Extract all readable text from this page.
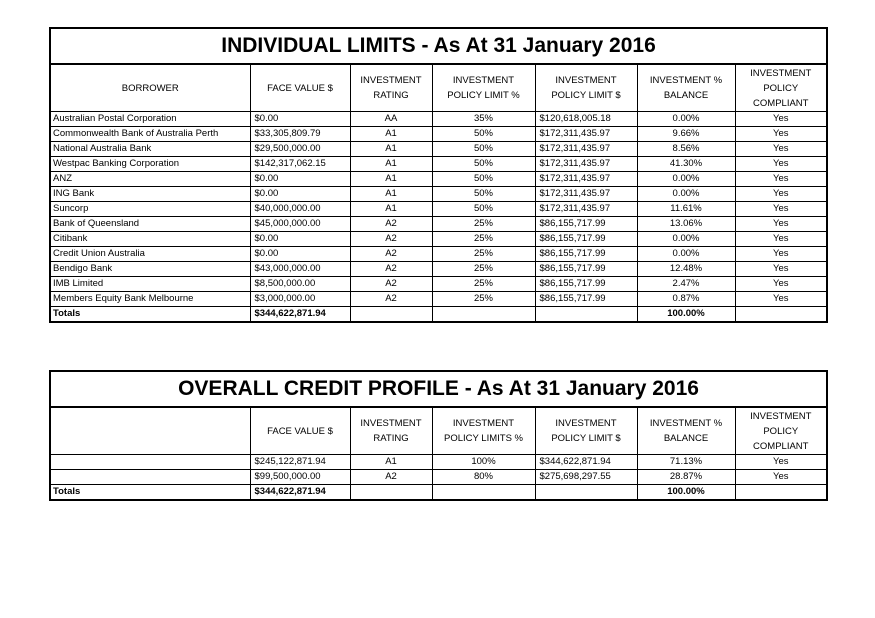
INDIVIDUAL LIMITS - As At 31 January 2016						
BORROWER	FACE VALUE $	INVESTMENT RATING	INVESTMENT POLICY LIMIT %	INVESTMENT POLICY LIMIT $	INVESTMENT % BALANCE	INVESTMENT POLICY COMPLIANT
Australian Postal Corporation	$0.00	AA	35%	$120,618,005.18	0.00%	Yes
Commonwealth Bank of Australia Perth	$33,305,809.79	A1	50%	$172,311,435.97	9.66%	Yes
National Australia Bank	$29,500,000.00	A1	50%	$172,311,435.97	8.56%	Yes
Westpac Banking Corporation	$142,317,062.15	A1	50%	$172,311,435.97	41.30%	Yes
ANZ	$0.00	A1	50%	$172,311,435.97	0.00%	Yes
ING Bank	$0.00	A1	50%	$172,311,435.97	0.00%	Yes
Suncorp	$40,000,000.00	A1	50%	$172,311,435.97	11.61%	Yes
Bank of Queensland	$45,000,000.00	A2	25%	$86,155,717.99	13.06%	Yes
Citibank	$0.00	A2	25%	$86,155,717.99	0.00%	Yes
Credit Union Australia	$0.00	A2	25%	$86,155,717.99	0.00%	Yes
Bendigo Bank	$43,000,000.00	A2	25%	$86,155,717.99	12.48%	Yes
IMB Limited	$8,500,000.00	A2	25%	$86,155,717.99	2.47%	Yes
Members Equity Bank Melbourne	$3,000,000.00	A2	25%	$86,155,717.99	0.87%	Yes
Totals	$344,622,871.94				100.00%	
OVERALL CREDIT PROFILE - As At 31 January 2016						
	FACE VALUE $	INVESTMENT RATING	INVESTMENT POLICY LIMITS %	INVESTMENT POLICY LIMIT $	INVESTMENT % BALANCE	INVESTMENT POLICY COMPLIANT
	$245,122,871.94	A1	100%	$344,622,871.94	71.13%	Yes
	$99,500,000.00	A2	80%	$275,698,297.55	28.87%	Yes
Totals	$344,622,871.94				100.00%	
